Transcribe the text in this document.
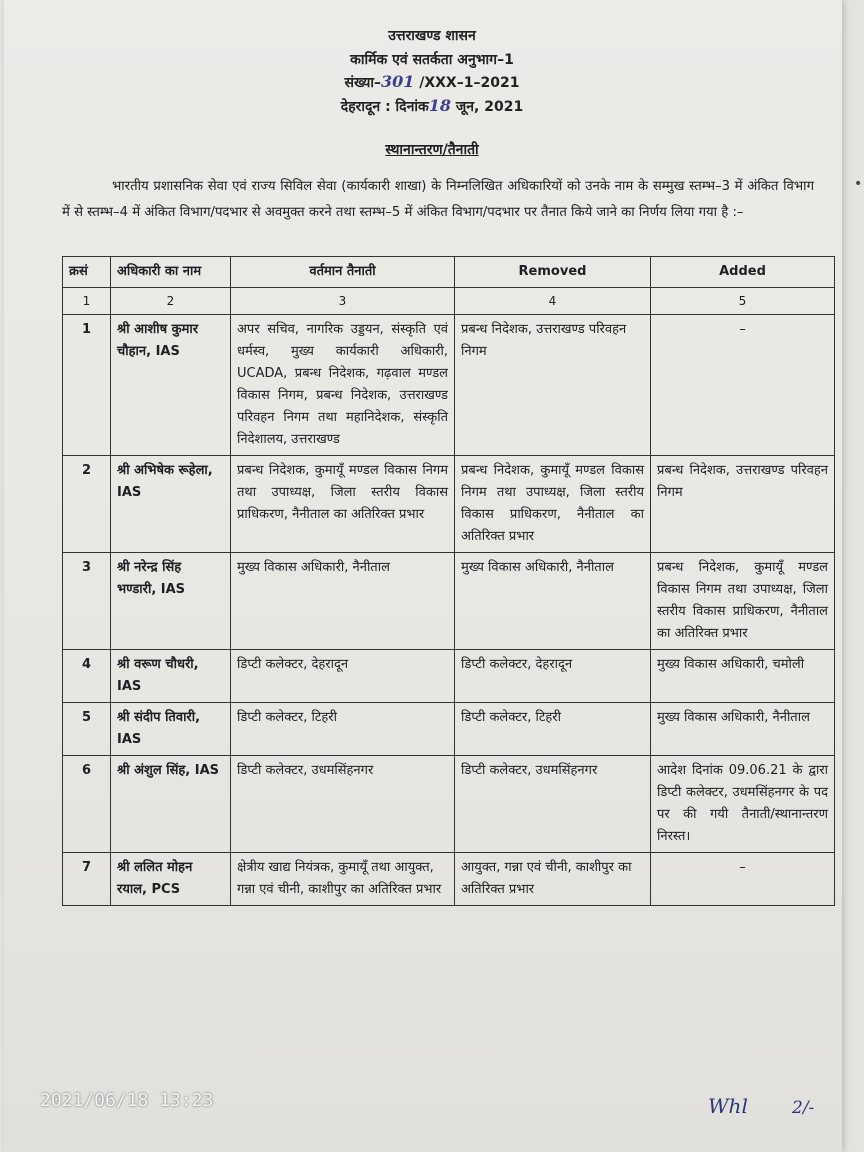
उत्तराखण्ड शासन
कार्मिक एवं सतर्कता अनुभाग–1
संख्या–301 /XXX–1–2021
देहरादून : दिनांक18 जून, 2021
स्थानान्तरण/तैनाती
भारतीय प्रशासनिक सेवा एवं राज्य सिविल सेवा (कार्यकारी शाखा) के निम्नलिखित अधिकारियों को उनके नाम के सम्मुख स्तम्भ–3 में अंकित विभाग में से स्तम्भ–4 में अंकित विभाग/पदभार से अवमुक्त करने तथा स्तम्भ–5 में अंकित विभाग/पदभार पर तैनात किये जाने का निर्णय लिया गया है :–
क्रसं	अधिकारी का नाम	वर्तमान तैनाती	Removed	Added
1	2	3	4	5
1	श्री आशीष कुमार चौहान, IAS	अपर सचिव, नागरिक उड्डयन, संस्कृति एवं धर्मस्व, मुख्य कार्यकारी अधिकारी, UCADA, प्रबन्ध निदेशक, गढ़वाल मण्डल विकास निगम, प्रबन्ध निदेशक, उत्तराखण्ड परिवहन निगम तथा महानिदेशक, संस्कृति निदेशालय, उत्तराखण्ड	प्रबन्ध निदेशक, उत्तराखण्ड परिवहन निगम	–

2	श्री अभिषेक रूहेला, IAS	प्रबन्ध निदेशक, कुमायूँ मण्डल विकास निगम तथा उपाध्यक्ष, जिला स्तरीय विकास प्राधिकरण, नैनीताल का अतिरिक्त प्रभार	प्रबन्ध निदेशक, कुमायूँ मण्डल विकास निगम तथा उपाध्यक्ष, जिला स्तरीय विकास प्राधिकरण, नैनीताल का अतिरिक्त प्रभार	प्रबन्ध निदेशक, उत्तराखण्ड परिवहन निगम
3	श्री नरेन्द्र सिंह भण्डारी, IAS	मुख्य विकास अधिकारी, नैनीताल	मुख्य विकास अधिकारी, नैनीताल	प्रबन्ध निदेशक, कुमायूँ मण्डल विकास निगम तथा उपाध्यक्ष, जिला स्तरीय विकास प्राधिकरण, नैनीताल का अतिरिक्त प्रभार
4	श्री वरूण चौधरी, IAS	डिप्टी कलेक्टर, देहरादून	डिप्टी कलेक्टर, देहरादून	मुख्य विकास अधिकारी, चमोली
5	श्री संदीप तिवारी, IAS	डिप्टी कलेक्टर, टिहरी	डिप्टी कलेक्टर, टिहरी	मुख्य विकास अधिकारी, नैनीताल
6	श्री अंशुल सिंह, IAS	डिप्टी कलेक्टर, उधमसिंहनगर	डिप्टी कलेक्टर, उधमसिंहनगर	आदेश दिनांक 09.06.21 के द्वारा डिप्टी कलेक्टर, उधमसिंहनगर के पद पर की गयी तैनाती/स्थानान्तरण निरस्त।
7	श्री ललित मोहन रयाल, PCS	क्षेत्रीय खाद्य नियंत्रक, कुमायूँ तथा आयुक्त, गन्ना एवं चीनी, काशीपुर का अतिरिक्त प्रभार	आयुक्त, गन्ना एवं चीनी, काशीपुर का अतिरिक्त प्रभार	–
•
2021/06/18 13:23	Whl	2/-
